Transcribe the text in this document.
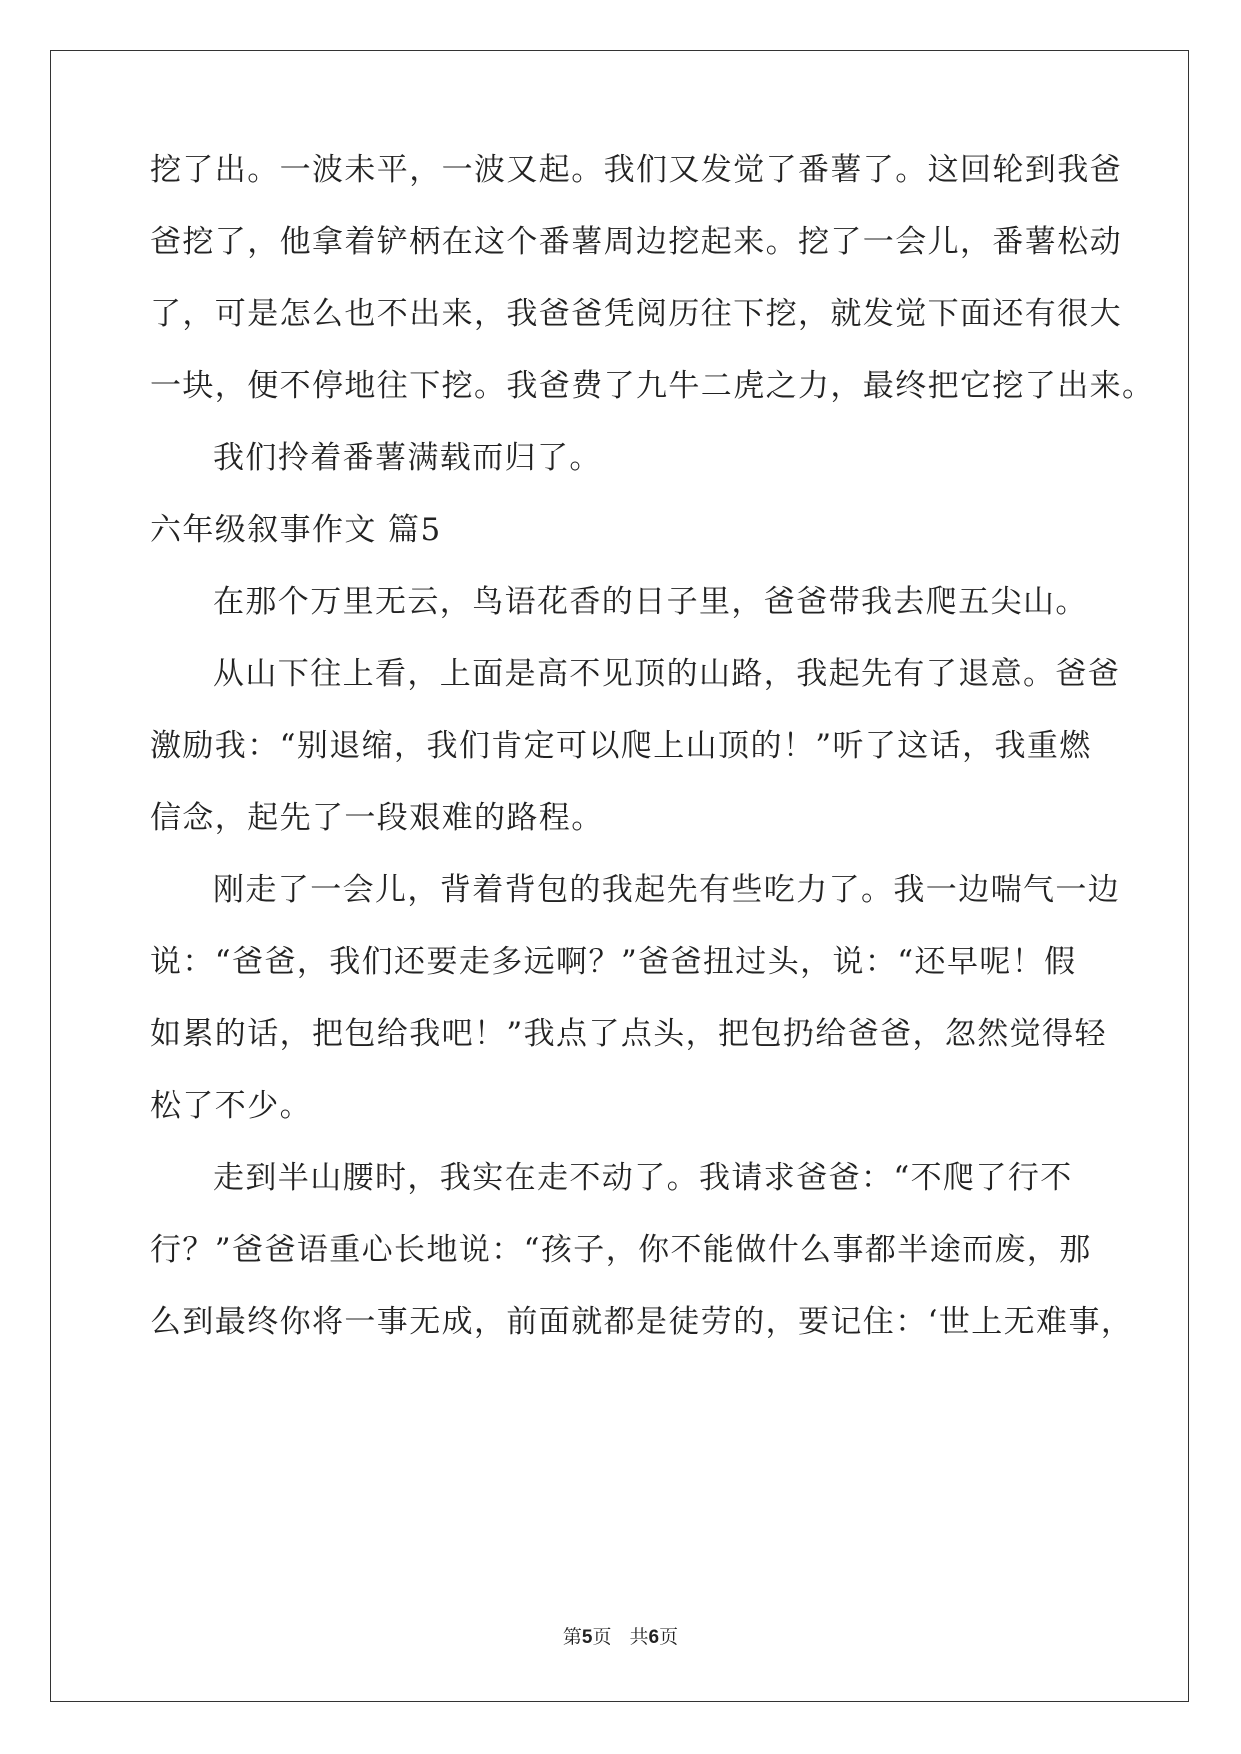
挖了出。一波未平，一波又起。我们又发觉了番薯了。这回轮到我爸
爸挖了，他拿着铲柄在这个番薯周边挖起来。挖了一会儿，番薯松动
了，可是怎么也不出来，我爸爸凭阅历往下挖，就发觉下面还有很大
一块，便不停地往下挖。我爸费了九牛二虎之力，最终把它挖了出来。
我们拎着番薯满载而归了。
六年级叙事作文 篇5
在那个万里无云，鸟语花香的日子里，爸爸带我去爬五尖山。
从山下往上看，上面是高不见顶的山路，我起先有了退意。爸爸
激励我：“别退缩，我们肯定可以爬上山顶的！”听了这话，我重燃
信念，起先了一段艰难的路程。
刚走了一会儿，背着背包的我起先有些吃力了。我一边喘气一边
说：“爸爸，我们还要走多远啊？”爸爸扭过头，说：“还早呢！假
如累的话，把包给我吧！”我点了点头，把包扔给爸爸，忽然觉得轻
松了不少。
走到半山腰时，我实在走不动了。我请求爸爸：“不爬了行不
行？”爸爸语重心长地说：“孩子，你不能做什么事都半途而废，那
么到最终你将一事无成，前面就都是徒劳的，要记住：‘世上无难事，
第5页 共6页
